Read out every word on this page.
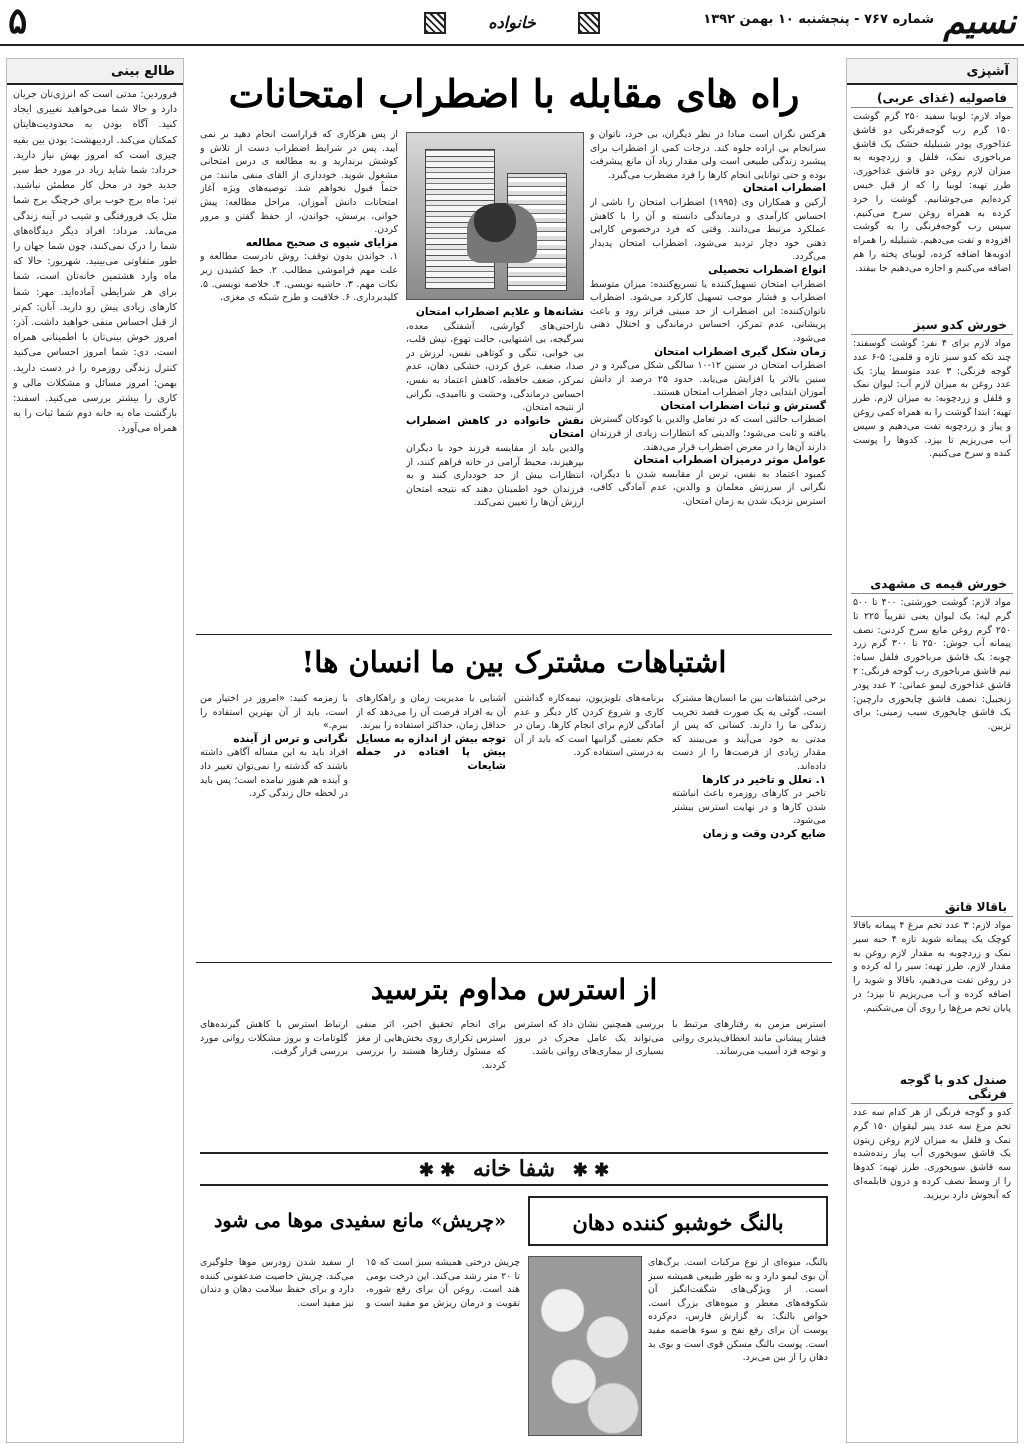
نسیم
شماره ۷۶۷ - پنجشنبه ۱۰ بهمن ۱۳۹۲
خانواده
۵
آشپزی
فاصولیه (غذای عربی)
مواد لازم: لوبیا سفید ۲۵۰ گرم گوشت ۱۵۰ گرم رب گوجه‌فرنگی دو قاشق غذاخوری پودر شنبلیله خشک یک قاشق مرباخوری نمک، فلفل و زردچوبه به میزان لازم روغن دو قاشق غذاخوری. طرز تهیه: لوبیا را که از قبل خیس کرده‌ایم می‌جوشانیم. گوشت را خرد کرده به همراه روغن سرخ می‌کنیم. سپس رب گوجه‌فرنگی را به گوشت افزوده و تفت می‌دهیم. شنبلیله را همراه ادویه‌ها اضافه کرده، لوبیای پخته را هم اضافه می‌کنیم و اجازه می‌دهیم جا بیفتد.
خورش کدو سبز
مواد لازم برای ۴ نفر: گوشت گوسفند: چند تکه کدو سبز تازه و قلمی: ۵-۶ عدد گوجه فرنگی: ۳ عدد متوسط پیاز: یک عدد روغن به میزان لازم آب: لیوان نمک و فلفل و زردچوبه: به میزان لازم. طرز تهیه: ابتدا گوشت را به همراه کمی روغن و پیاز و زردچوبه تفت می‌دهیم و سپس آب می‌ریزیم تا بپزد. کدوها را پوست کنده و سرخ می‌کنیم.
خورش قیمه ی مشهدی
مواد لازم: گوشت خورشتی: ۴۰۰ تا ۵۰۰ گرم لپه: یک لیوان یعنی تقریباً ۲۲۵ تا ۲۵۰ گرم روغن مایع سرخ کردنی: نصف پیمانه آب جوش: ۲۵۰ تا ۳۰۰ گرم زرد چوبه: یک قاشق مرباخوری فلفل سیاه: نیم قاشق مرباخوری رب گوجه فرنگی: ۲ قاشق غذاخوری لیمو عمانی: ۲ عدد پودر زنجبیل: نصف قاشق چایخوری دارچین: یک قاشق چایخوری سیب زمینی: برای تزیین.
باقالا قاتق
مواد لازم: ۳ عدد تخم مرغ ۴ پیمانه باقالا کوچک یک پیمانه شوید تازه ۴ حبه سیر نمک و زردچوبه به مقدار لازم روغن به مقدار لازم. طرز تهیه: سیر را له کرده و در روغن تفت می‌دهیم، باقالا و شوید را اضافه کرده و آب می‌ریزیم تا بپزد؛ در پایان تخم مرغ‌ها را روی آن می‌شکنیم.
صندل کدو با گوجه فرنگی
کدو و گوجه فرنگی از هر کدام سه عدد تخم مرغ سه عدد پنیر لیقوان ۱۵۰ گرم نمک و فلفل به میزان لازم روغن زیتون یک قاشق سوپخوری آب پیاز رنده‌شده سه قاشق سوپخوری. طرز تهیه: کدوها را از وسط نصف کرده و درون قابلمه‌ای که آبجوش دارد بریزید.
طالع بینی
فروردین: مدتی است که انرژی‌تان جریان دارد و حالا شما می‌خواهید تغییری ایجاد کنید. آگاه بودن به محدودیت‌هایتان کمکتان می‌کند. اردیبهشت: بودن بین بقیه چیزی است که امروز بهش نیاز دارید. خرداد: شما شاید زیاد در مورد خط سیر جدید خود در محل کار مطمئن نباشید. تیر: ماه برج خوب برای خرچنگ برج شما مثل یک فرورفتگی و شیب در آینه زندگی می‌ماند. مرداد: افراد دیگر دیدگاه‌های شما را درک نمی‌کنند، چون شما جهان را طور متفاوتی می‌بینید. شهریور: حالا که ماه وارد هشتمین خانه‌تان است، شما برای هر شرایطی آماده‌اید. مهر: شما کارهای زیادی پیش رو دارید. آبان: کم‌تر از قبل احساس منفی خواهید داشت. آذر: امروز خوش بینی‌تان با اطمینانی همراه است. دی: شما امروز احساس می‌کنید کنترل زندگی روزمره را در دست دارید. بهمن: امروز مسائل و مشکلات مالی و کاری را بیشتر بررسی می‌کنید. اسفند: بازگشت ماه به خانه دوم شما ثبات را به همراه می‌آورد.
راه های مقابله با اضطراب امتحانات
هرکس نگران است مبادا در نظر دیگران، بی خرد، ناتوان و سرانجام بی اراده جلوه کند. درجات کمی از اضطراب برای پیشبرد زندگی طبیعی است ولی مقدار زیاد آن مانع پیشرفت بوده و حتی توانایی انجام کارها را فرد مضطرب می‌گیرد.
اضطراب امتحان
آرکین و همکاران وی (۱۹۹۵) اضطراب امتحان را ناشی از احساس کارآمدی و درماندگی دانسته و آن را با کاهش عملکرد مرتبط می‌دانند. وقتی که فرد درخصوص کارایی ذهنی خود دچار تردید می‌شود، اضطراب امتحان پدیدار می‌گردد.
انواع اضطراب تحصیلی
اضطراب امتحان تسهیل‌کننده یا تسریع‌کننده: میزان متوسط اضطراب و فشار موجب تسهیل کارکرد می‌شود. اضطراب ناتوان‌کننده: این اضطراب از حد مبینی فراتر رود و باعث پریشانی، عدم تمرکز، احساس درماندگی و اختلال ذهنی می‌شود.
زمان شکل گیری اضطراب امتحان
اضطراب امتحان در سنین ۱۲-۱۰ سالگی شکل می‌گیرد و در سنین بالاتر یا افزایش می‌یابد. حدود ۲۵ درصد از دانش آموزان ابتدایی دچار اضطراب امتحان هستند.
گسترش و ثبات اضطراب امتحان
اضطراب حالتی است که در تعامل والدین با کودکان گسترش یافته و ثابت می‌شود؛ والدینی که انتظارات زیادی از فرزندان دارند آن‌ها را در معرض اضطراب قرار می‌دهند.
عوامل موثر درمیزان اضطراب امتحان
کمبود اعتماد به نفس، ترس از مقایسه شدن با دیگران، نگرانی از سرزنش معلمان و والدین، عدم آمادگی کافی، استرس نزدیک شدن به زمان امتحان.
نشانه‌ها و علایم اضطراب امتحان
ناراحتی‌های گوارشی، آشفتگی معده، سرگیجه، بی اشتهایی، حالت تهوع، تپش قلب، بی خوابی، تنگی و کوتاهی نفس، لرزش در صدا، ضعف، عرق کردن، خشکی دهان، عدم تمرکز، ضعف حافظه، کاهش اعتماد به نفس، احساس درماندگی، وحشت و ناامیدی، نگرانی از نتیجه امتحان.
نقش خانواده در کاهش اضطراب امتحان
والدین باید از مقایسه فرزند خود با دیگران بپرهیزند، محیط آرامی در خانه فراهم کنند، از انتظارات بیش از حد خودداری کنند و به فرزندان خود اطمینان دهند که نتیجه امتحان ارزش آن‌ها را تعیین نمی‌کند.
از پس هرکاری که قراراست انجام دهید بر نمی آیید. پس در شرایط اضطراب دست از تلاش و کوشش برندارید و به مطالعه ی درس امتحانی مشغول شوید. خودداری از القای منفی مانند: من حتماً قبول نخواهم شد. توصیه‌های ویژه آغاز امتحانات دانش آموزان. مراحل مطالعه: پیش خوانی، پرسش، خواندن، از حفظ گفتن و مرور کردن.
مزایای شیوه ی صحیح مطالعه
۱. خواندن بدون توقف: روش نادرست مطالعه و علت مهم فراموشی مطالب. ۲. خط کشیدن زیر نکات مهم. ۳. حاشیه نویسی. ۴. خلاصه نویسی. ۵. کلیدبرداری. ۶. خلاقیت و طرح شبکه ی مغزی.
اشتباهات مشترک بین ما انسان ها!
برخی اشتباهات بین ما انسان‌ها مشترک است، گوئی یه یک صورت قصد تخریب زندگی ما را دارند. کسانی که پس از مدتی به خود می‌آیند و می‌بینند که مقدار زیادی از فرصت‌ها را از دست داده‌اند.
۱. تعلل و تاخیر در کارها
تاخیر در کارهای روزمره باعث انباشته شدن کارها و در نهایت استرس بیشتر می‌شود.
ضایع کردن وقت و زمان
برنامه‌های تلویزیون، نیمه‌کاره گذاشتن کاری و شروع کردن کار دیگر و عدم آمادگی لازم برای انجام کارها. زمان در حکم نعمتی گرانبها است که باید از آن به درستی استفاده کرد.
آشنایی با مدیریت زمان و راهکارهای آن به افراد فرصت آن را می‌دهد که از حداقل زمان، حداکثر استفاده را ببرند.
توجه بیش از اندازه به مسایل پیش پا افتاده در جمله شایعات
با زمزمه کنید: «امروز در اختیار من است، باید از آن بهترین استفاده را ببرم.»
نگرانی و ترس از آینده
افراد باید به این مساله آگاهی داشته باشند که گذشته را نمی‌توان تغییر داد و آینده هم هنوز نیامده است؛ پس باید در لحظه حال زندگی کرد.
از استرس مداوم بترسید
استرس مزمن به رفتارهای مرتبط با فشار پیشانی مانند انعطاف‌پذیری روانی و توجه فرد آسیب می‌رساند.
بررسی همچنین نشان داد که استرس می‌تواند یک عامل محرک در بروز بسیاری از بیماری‌های روانی باشد.
برای انجام تحقیق اخیر، اثر منفی استرس تکراری روی بخش‌هایی از مغز که مسئول رفتارها هستند را بررسی کردند.
ارتباط استرس با کاهش گیرنده‌های گلوتامات و بروز مشکلات روانی مورد بررسی قرار گرفت.
✱ ✱ شفا خانه ✱ ✱
بالنگ خوشبو کننده دهان
بالنگ، میوه‌ای از نوع مرکبات است. برگ‌های آن بوی لیمو دارد و به طور طبیعی همیشه سبز است. از ویژگی‌های شگفت‌انگیز آن شکوفه‌های معطر و میوه‌های بزرگ است. خواص بالنگ: به گزارش فارس، دم‌کرده پوست آن برای رفع نفخ و سوء هاضمه مفید است. پوست بالنگ مسکن قوی است و بوی بد دهان را از بین می‌برد.
«چریش» مانع سفیدی موها می شود
چریش درختی همیشه سبز است که ۱۵ تا ۲۰ متر رشد می‌کند. این درخت بومی هند است. روغن آن برای رفع شوره، تقویت و درمان ریزش مو مفید است و از سفید شدن زودرس موها جلوگیری می‌کند. چریش خاصیت ضدعفونی کننده دارد و برای حفظ سلامت دهان و دندان نیز مفید است.
